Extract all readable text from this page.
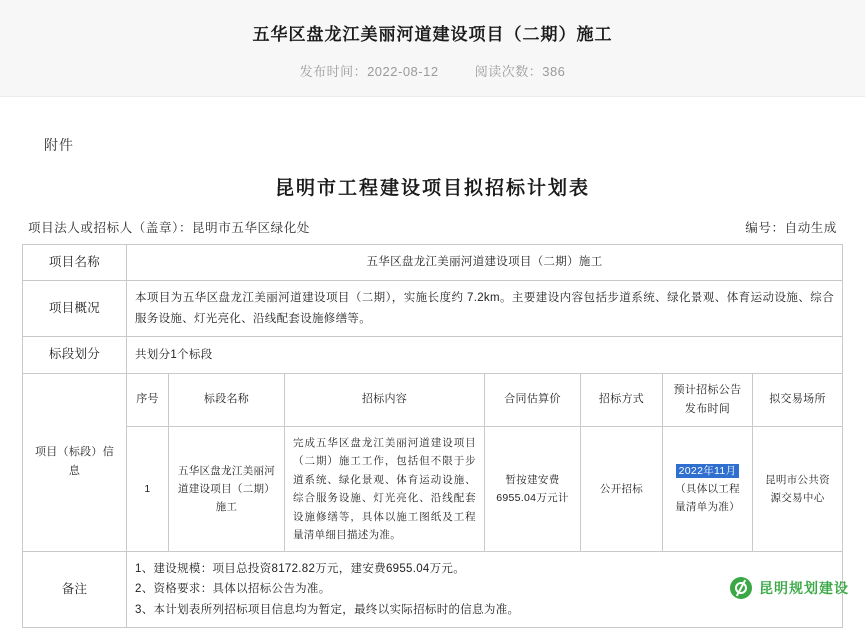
五华区盘龙江美丽河道建设项目（二期）施工
发布时间：2022-08-12	阅读次数：386
附件
昆明市工程建设项目拟招标计划表
项目法人或招标人（盖章）：昆明市五华区绿化处	编号：自动生成
项目名称	五华区盘龙江美丽河道建设项目（二期）施工						
项目概况	本项目为五华区盘龙江美丽河道建设项目（二期），实施长度约 7.2km。主要建设内容包括步道系统、绿化景观、体育运动设施、综合服务设施、灯光亮化、沿线配套设施修缮等。						
标段划分	共划分1个标段						
项目（标段）信息	序号	标段名称	招标内容	合同估算价	招标方式	预计招标公告发布时间	拟交易场所
	1	五华区盘龙江美丽河道建设项目（二期）施工	完成五华区盘龙江美丽河道建设项目（二期）施工工作，包括但不限于步道系统、绿化景观、体育运动设施、综合服务设施、灯光亮化、沿线配套设施修缮等，具体以施工图纸及工程量清单细目描述为准。	暂按建安费6955.04万元计	公开招标	2022年11月
（具体以工程量清单为准）	昆明市公共资源交易中心
备注	1、建设规模：项目总投资8172.82万元，建安费6955.04万元。
2、资格要求：具体以招标公告为准。
3、本计划表所列招标项目信息均为暂定，最终以实际招标时的信息为准。						
昆明规划建设
